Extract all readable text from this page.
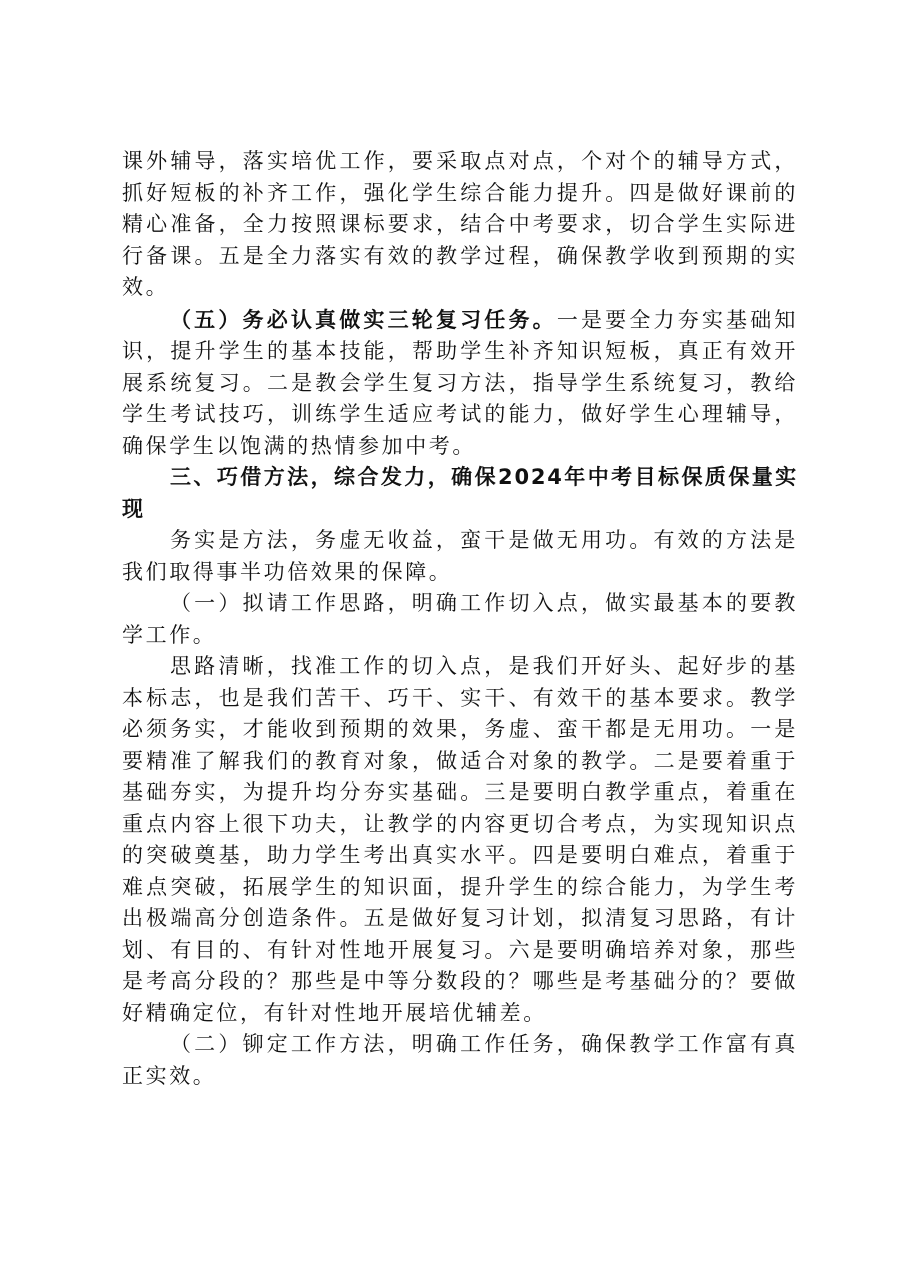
课外辅导，落实培优工作，要采取点对点，个对个的辅导方式，抓好短板的补齐工作，强化学生综合能力提升。四是做好课前的精心准备，全力按照课标要求，结合中考要求，切合学生实际进行备课。五是全力落实有效的教学过程，确保教学收到预期的实效。

（五）务必认真做实三轮复习任务。一是要全力夯实基础知识，提升学生的基本技能，帮助学生补齐知识短板，真正有效开展系统复习。二是教会学生复习方法，指导学生系统复习，教给学生考试技巧，训练学生适应考试的能力，做好学生心理辅导，确保学生以饱满的热情参加中考。

三、巧借方法，综合发力，确保2024年中考目标保质保量实现

务实是方法，务虚无收益，蛮干是做无用功。有效的方法是我们取得事半功倍效果的保障。

（一）拟请工作思路，明确工作切入点，做实最基本的要教学工作。

思路清晰，找准工作的切入点，是我们开好头、起好步的基本标志，也是我们苦干、巧干、实干、有效干的基本要求。教学必须务实，才能收到预期的效果，务虚、蛮干都是无用功。一是要精准了解我们的教育对象，做适合对象的教学。二是要着重于基础夯实，为提升均分夯实基础。三是要明白教学重点，着重在重点内容上很下功夫，让教学的内容更切合考点，为实现知识点的突破奠基，助力学生考出真实水平。四是要明白难点，着重于难点突破，拓展学生的知识面，提升学生的综合能力，为学生考出极端高分创造条件。五是做好复习计划，拟清复习思路，有计划、有目的、有针对性地开展复习。六是要明确培养对象，那些是考高分段的？那些是中等分数段的？哪些是考基础分的？要做好精确定位，有针对性地开展培优辅差。

（二）铆定工作方法，明确工作任务，确保教学工作富有真正实效。
